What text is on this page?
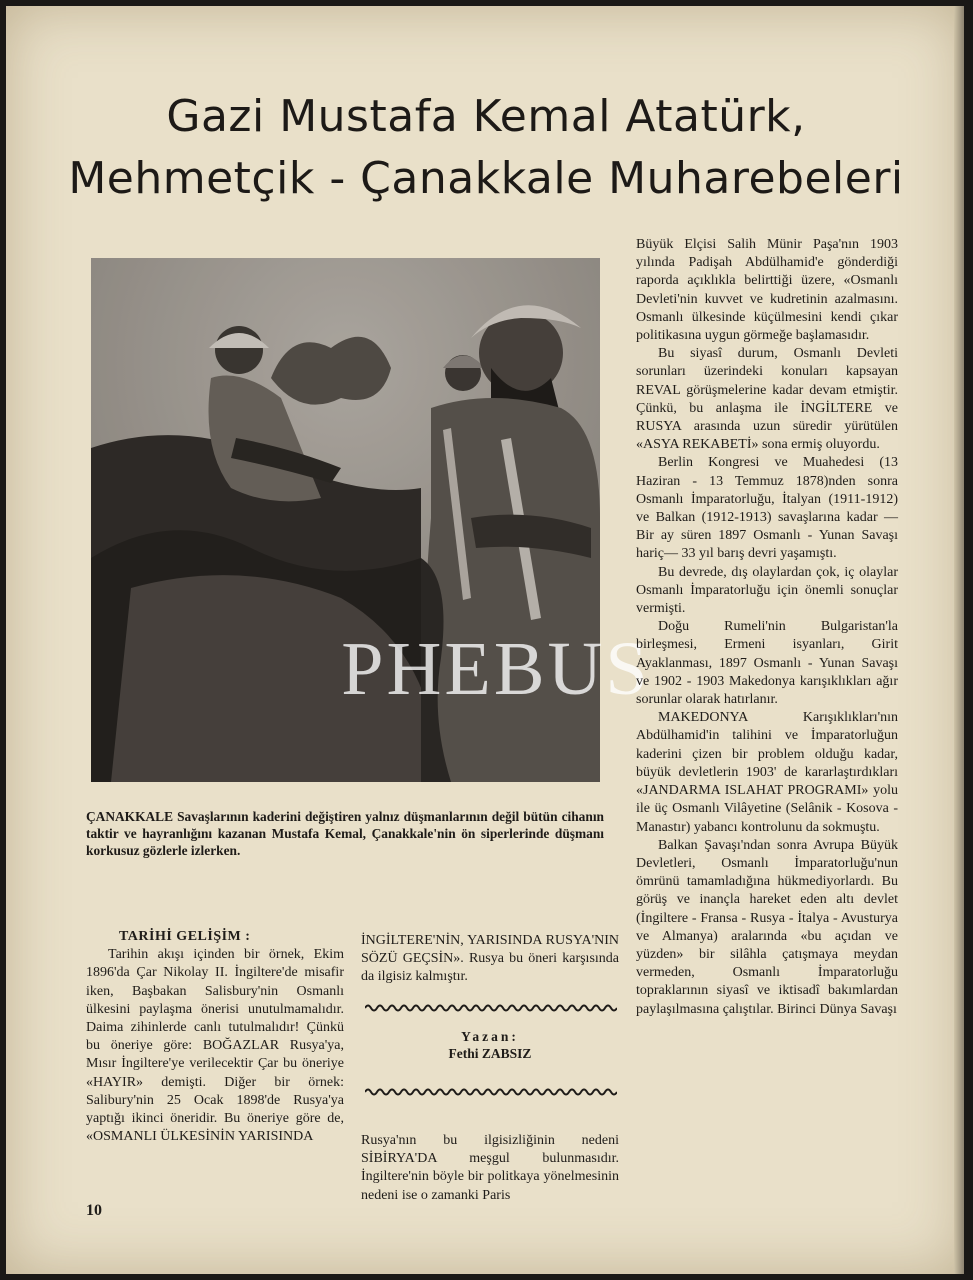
Gazi Mustafa Kemal Atatürk,
Mehmetçik - Çanakkale Muharebeleri
PHEBUS

ÇANAKKALE Savaşlarının kaderini değiştiren yalnız düşmanlarının değil bütün cihanın taktir ve hayranlığını kazanan Mustafa Kemal, Çanakkale'nin ön siperlerinde düşmanı korkusuz gözlerle izlerken.

TARİHİ GELİŞİM :

Tarihin akışı içinden bir örnek, Ekim 1896'da Çar Nikolay II. İngiltere'de misafir iken, Başbakan Salisbury'nin Osmanlı ülkesini paylaşma önerisi unutulmamalıdır. Daima zihinlerde canlı tutulmalıdır! Çünkü bu öneriye göre: BOĞAZLAR Rusya'ya, Mısır İngiltere'ye verilecektir Çar bu öneriye «HAYIR» demişti. Diğer bir örnek: Salibury'nin 25 Ocak 1898'de Rusya'ya yaptığı ikinci öneridir. Bu öneriye göre de, «OSMANLI ÜLKESİNİN YARISINDA

İNGİLTERE'NİN, YARISINDA RUSYA'NIN SÖZÜ GEÇSİN». Rusya bu öneri karşısında da ilgisiz kalmıştır.

Yazan:
Fethi ZABSIZ

Rusya'nın bu ilgisizliğinin nedeni SİBİRYA'DA meşgul bulunmasıdır. İngiltere'nin böyle bir politkaya yönelmesinin nedeni ise o zamanki Paris

Büyük Elçisi Salih Münir Paşa'nın 1903 yılında Padişah Abdülhamid'e gönderdiği raporda açıklıkla belirttiği üzere, «Osmanlı Devleti'nin kuvvet ve kudretinin azalmasını. Osmanlı ülkesinde küçülmesini kendi çıkar politikasına uygun görmeğe başlamasıdır.

Bu siyasî durum, Osmanlı Devleti sorunları üzerindeki konuları kapsayan REVAL görüşmelerine kadar devam etmiştir. Çünkü, bu anlaşma ile İNGİLTERE ve RUSYA arasında uzun süredir yürütülen «ASYA REKABETİ» sona ermiş oluyordu.

Berlin Kongresi ve Muahedesi (13 Haziran - 13 Temmuz 1878)nden sonra Osmanlı İmparatorluğu, İtalyan (1911-1912) ve Balkan (1912-1913) savaşlarına kadar —Bir ay süren 1897 Osmanlı - Yunan Savaşı hariç— 33 yıl barış devri yaşamıştı.

Bu devrede, dış olaylardan çok, iç olaylar Osmanlı İmparatorluğu için önemli sonuçlar vermişti.

Doğu Rumeli'nin Bulgaristan'la birleşmesi, Ermeni isyanları, Girit Ayaklanması, 1897 Osmanlı - Yunan Savaşı ve 1902 - 1903 Makedonya karışıklıkları ağır sorunlar olarak hatırlanır.

MAKEDONYA Karışıklıkları'nın Abdülhamid'in talihini ve İmparatorluğun kaderini çizen bir problem olduğu kadar, büyük devletlerin 1903' de kararlaştırdıkları «JANDARMA ISLAHAT PROGRAMI» yolu ile üç Osmanlı Vilâyetine (Selânik - Kosova - Manastır) yabancı kontrolunu da sokmuştu.

Balkan Şavaşı'ndan sonra Avrupa Büyük Devletleri, Osmanlı İmparatorluğu'nun ömrünü tamamladığına hükmediyorlardı. Bu görüş ve inançla hareket eden altı devlet (İngiltere - Fransa - Rusya - İtalya - Avusturya ve Almanya) aralarında «bu açıdan ve yüzden» bir silâhla çatışmaya meydan vermeden, Osmanlı İmparatorluğu topraklarının siyasî ve iktisadî bakımlardan paylaşılmasına çalıştılar. Birinci Dünya Savaşı

10
